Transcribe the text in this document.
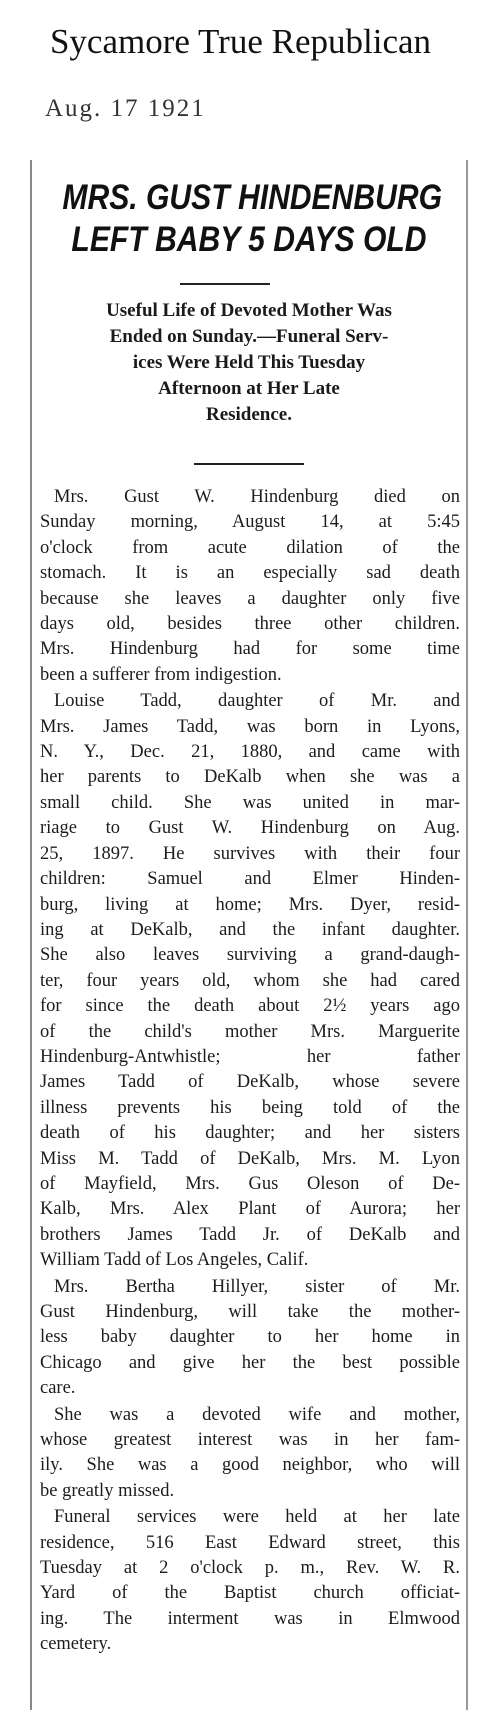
Sycamore True Republican
Aug. 17 1921
MRS. GUST HINDENBURG
LEFT BABY 5 DAYS OLD
Useful Life of Devoted Mother Was
Ended on Sunday.—Funeral Serv-
ices Were Held This Tuesday
Afternoon at Her Late
Residence.

Mrs. Gust W. Hindenburg died on
Sunday morning, August 14, at 5:45
o'clock from acute dilation of the
stomach. It is an especially sad death
because she leaves a daughter only five
days old, besides three other children.
Mrs. Hindenburg had for some time
been a sufferer from indigestion.

Louise Tadd, daughter of Mr. and
Mrs. James Tadd, was born in Lyons,
N. Y., Dec. 21, 1880, and came with
her parents to DeKalb when she was a
small child. She was united in mar-
riage to Gust W. Hindenburg on Aug.
25, 1897. He survives with their four
children: Samuel and Elmer Hinden-
burg, living at home; Mrs. Dyer, resid-
ing at DeKalb, and the infant daughter.
She also leaves surviving a grand-daugh-
ter, four years old, whom she had cared
for since the death about 2½ years ago
of the child's mother Mrs. Marguerite
Hindenburg-Antwhistle; her father
James Tadd of DeKalb, whose severe
illness prevents his being told of the
death of his daughter; and her sisters
Miss M. Tadd of DeKalb, Mrs. M. Lyon
of Mayfield, Mrs. Gus Oleson of De-
Kalb, Mrs. Alex Plant of Aurora; her
brothers James Tadd Jr. of DeKalb and
William Tadd of Los Angeles, Calif.

Mrs. Bertha Hillyer, sister of Mr.
Gust Hindenburg, will take the mother-
less baby daughter to her home in
Chicago and give her the best possible
care.

She was a devoted wife and mother,
whose greatest interest was in her fam-
ily. She was a good neighbor, who will
be greatly missed.

Funeral services were held at her late
residence, 516 East Edward street, this
Tuesday at 2 o'clock p. m., Rev. W. R.
Yard of the Baptist church officiat-
ing. The interment was in Elmwood
cemetery.
